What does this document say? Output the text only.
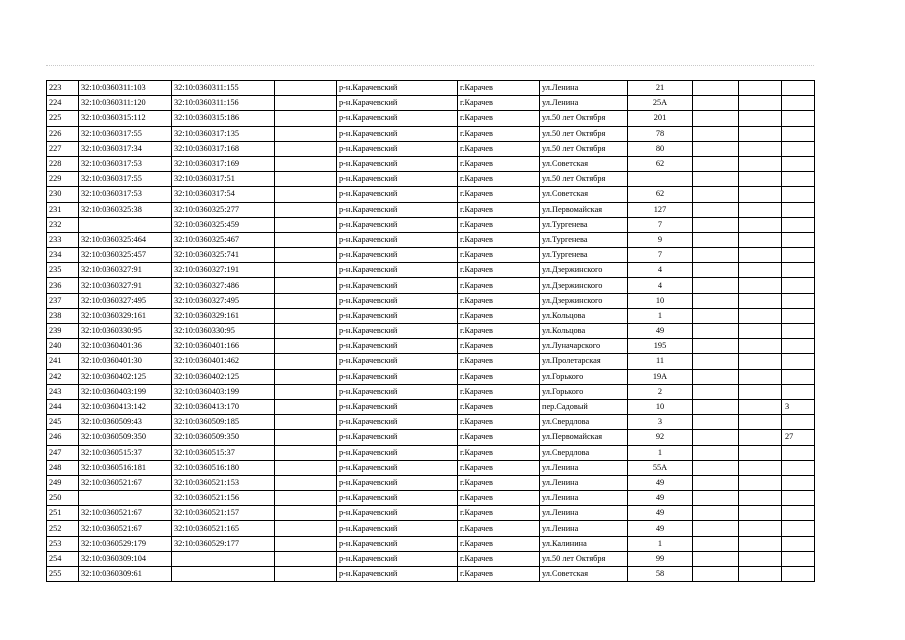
223	32:10:0360311:103	32:10:0360311:155		р-н.Карачевский	г.Карачев	ул.Ленина	21			
224	32:10:0360311:120	32:10:0360311:156		р-н.Карачевский	г.Карачев	ул.Ленина	25А			
225	32:10:0360315:112	32:10:0360315:186		р-н.Карачевский	г.Карачев	ул.50 лет Октября	201			
226	32:10:0360317:55	32:10:0360317:135		р-н.Карачевский	г.Карачев	ул.50 лет Октября	78			
227	32:10:0360317:34	32:10:0360317:168		р-н.Карачевский	г.Карачев	ул.50 лет Октября	80			
228	32:10:0360317:53	32:10:0360317:169		р-н.Карачевский	г.Карачев	ул.Советская	62			
229	32:10:0360317:55	32:10:0360317:51		р-н.Карачевский	г.Карачев	ул.50 лет Октября				
230	32:10:0360317:53	32:10:0360317:54		р-н.Карачевский	г.Карачев	ул.Советская	62			
231	32:10:0360325:38	32:10:0360325:277		р-н.Карачевский	г.Карачев	ул.Первомайская	127			
232		32:10:0360325:459		р-н.Карачевский	г.Карачев	ул.Тургенева	7			
233	32:10:0360325:464	32:10:0360325:467		р-н.Карачевский	г.Карачев	ул.Тургенева	9			
234	32:10:0360325:457	32:10:0360325:741		р-н.Карачевский	г.Карачев	ул.Тургенева	7			
235	32:10:0360327:91	32:10:0360327:191		р-н.Карачевский	г.Карачев	ул.Дзержинского	4			
236	32:10:0360327:91	32:10:0360327:486		р-н.Карачевский	г.Карачев	ул.Дзержинского	4			
237	32:10:0360327:495	32:10:0360327:495		р-н.Карачевский	г.Карачев	ул.Дзержинского	10			
238	32:10:0360329:161	32:10:0360329:161		р-н.Карачевский	г.Карачев	ул.Кольцова	1			
239	32:10:0360330:95	32:10:0360330:95		р-н.Карачевский	г.Карачев	ул.Кольцова	49			
240	32:10:0360401:36	32:10:0360401:166		р-н.Карачевский	г.Карачев	ул.Луначарского	195			
241	32:10:0360401:30	32:10:0360401:462		р-н.Карачевский	г.Карачев	ул.Пролетарская	11			
242	32:10:0360402:125	32:10:0360402:125		р-н.Карачевский	г.Карачев	ул.Горького	19А			
243	32:10:0360403:199	32:10:0360403:199		р-н.Карачевский	г.Карачев	ул.Горького	2			
244	32:10:0360413:142	32:10:0360413:170		р-н.Карачевский	г.Карачев	пер.Садовый	10			3
245	32:10:0360509:43	32:10:0360509:185		р-н.Карачевский	г.Карачев	ул.Свердлова	3			
246	32:10:0360509:350	32:10:0360509:350		р-н.Карачевский	г.Карачев	ул.Первомайская	92			27
247	32:10:0360515:37	32:10:0360515:37		р-н.Карачевский	г.Карачев	ул.Свердлова	1			
248	32:10:0360516:181	32:10:0360516:180		р-н.Карачевский	г.Карачев	ул.Ленина	55А			
249	32:10:0360521:67	32:10:0360521:153		р-н.Карачевский	г.Карачев	ул.Ленина	49			
250		32:10:0360521:156		р-н.Карачевский	г.Карачев	ул.Ленина	49			
251	32:10:0360521:67	32:10:0360521:157		р-н.Карачевский	г.Карачев	ул.Ленина	49			
252	32:10:0360521:67	32:10:0360521:165		р-н.Карачевский	г.Карачев	ул.Ленина	49			
253	32:10:0360529:179	32:10:0360529:177		р-н.Карачевский	г.Карачев	ул.Калинина	1			
254	32:10:0360309:104			р-н.Карачевский	г.Карачев	ул.50 лет Октября	99			
255	32:10:0360309:61			р-н.Карачевский	г.Карачев	ул.Советская	58			
